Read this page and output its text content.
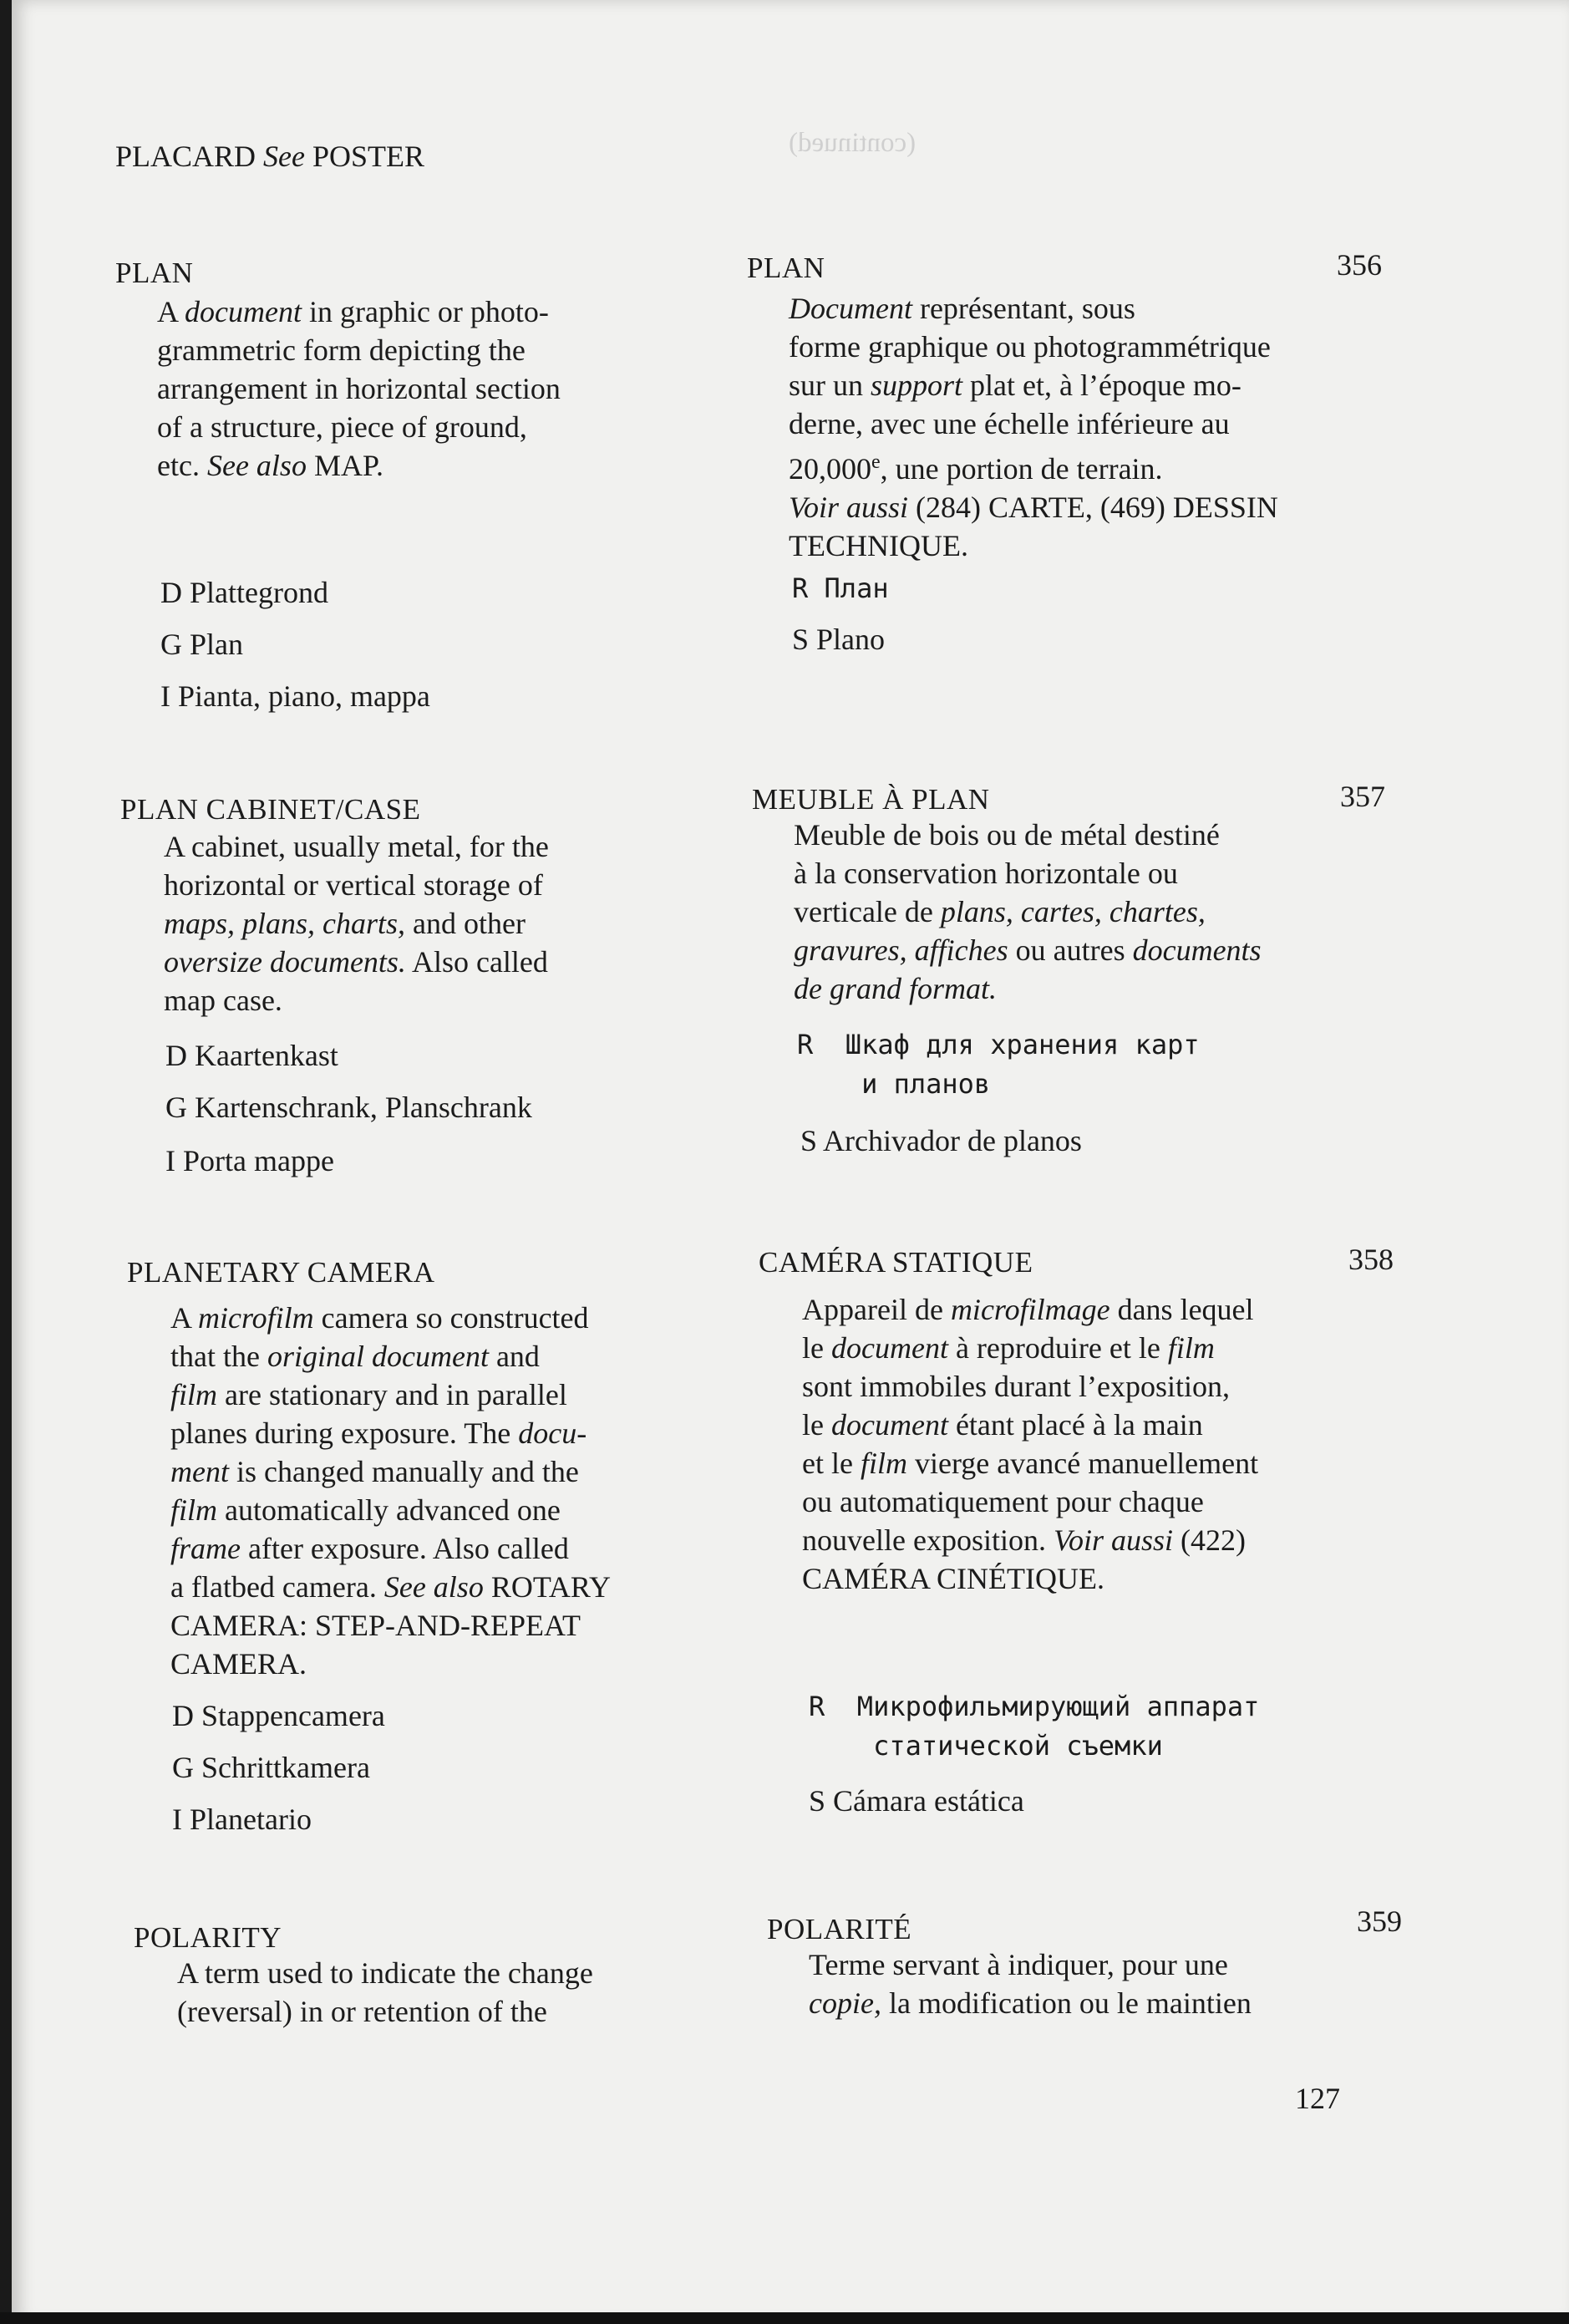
(continued)
PLACARD See POSTER
PLAN
A document in graphic or photo-
grammetric form depicting the
arrangement in horizontal section
of a structure, piece of ground,
etc. See also MAP.
PLAN	356
Document représentant, sous
forme graphique ou photogrammétrique
sur un support plat et, à l’époque mo-
derne, avec une échelle inférieure au
20,000e, une portion de terrain.
Voir aussi (284) CARTE, (469) DESSIN
TECHNIQUE.
D Plattegrond
G Plan
I Pianta, piano, mappa
R План
S Plano
PLAN CABINET/CASE
A cabinet, usually metal, for the
horizontal or vertical storage of
maps, plans, charts, and other
oversize documents. Also called
map case.
MEUBLE À PLAN	357
Meuble de bois ou de métal destiné
à la conservation horizontale ou
verticale de plans, cartes, chartes,
gravures, affiches ou autres documents
de grand format.
D Kaartenkast
G Kartenschrank, Planschrank
I Porta mappe
R  Шкаф для хранения карт
и планов
S Archivador de planos
PLANETARY CAMERA
A microfilm camera so constructed
that the original document and
film are stationary and in parallel
planes during exposure. The docu-
ment is changed manually and the
film automatically advanced one
frame after exposure. Also called
a flatbed camera. See also ROTARY
CAMERA: STEP-AND-REPEAT
CAMERA.
CAMÉRA STATIQUE	358
Appareil de microfilmage dans lequel
le document à reproduire et le film
sont immobiles durant l’exposition,
le document étant placé à la main
et le film vierge avancé manuellement
ou automatiquement pour chaque
nouvelle exposition. Voir aussi (422)
CAMÉRA CINÉTIQUE.
D Stappencamera
G Schrittkamera
I Planetario
R  Микрофильмирующий аппарат
статической съемки
S Cámara estática
POLARITY
A term used to indicate the change
(reversal) in or retention of the
POLARITÉ	359
Terme servant à indiquer, pour une
copie, la modification ou le maintien
127
